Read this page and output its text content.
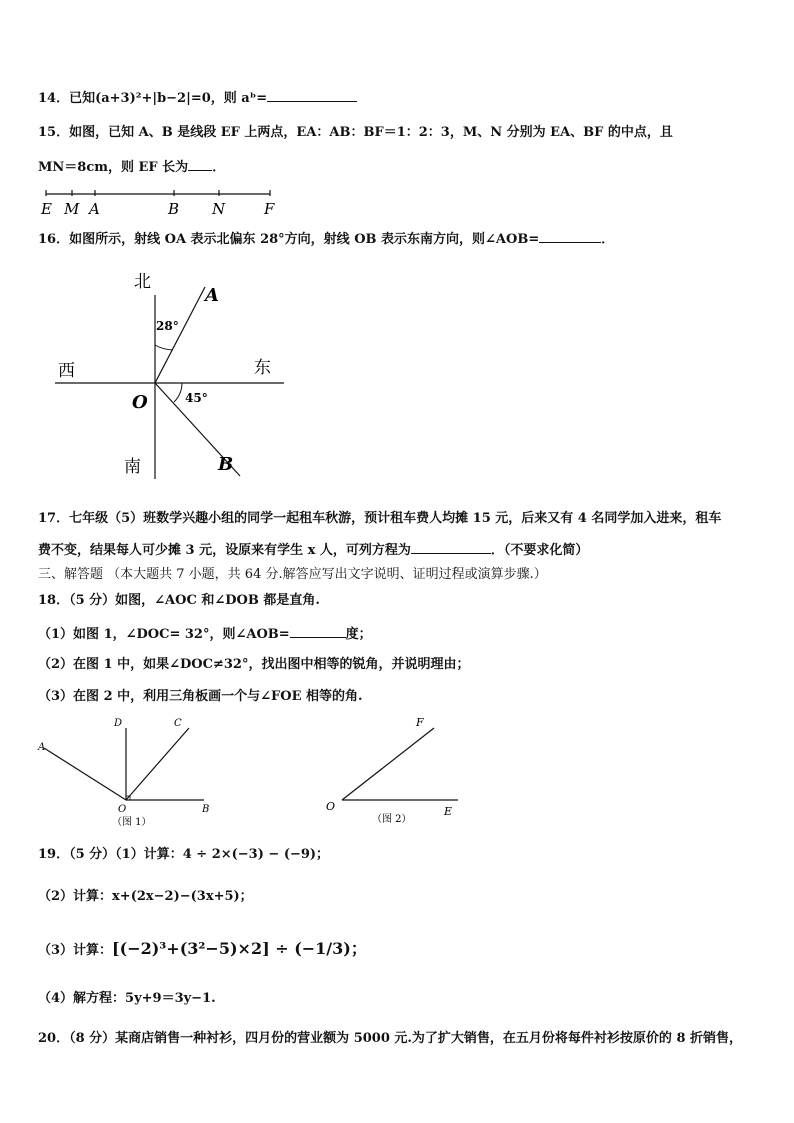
14．已知(a+3)²+|b−2|=0，则 aᵇ=
15．如图，已知 A、B 是线段 EF 上两点，EA：AB：BF＝1：2：3，M、N 分别为 EA、BF 的中点，且
MN＝8cm，则 EF 长为 ．
E M A	B N	F
16．如图所示，射线 OA 表示北偏东 28°方向，射线 OB 表示东南方向，则∠AOB=	．
北
南
西	东
O
A
B
28°
45°
17．七年级（5）班数学兴趣小组的同学一起租车秋游，预计租车费人均摊 15 元，后来又有 4 名同学加入进来，租车
费不变，结果每人可少摊 3 元，设原来有学生 x 人，可列方程为	．（不要求化简）
三、解答题 （本大题共 7 小题，共 64 分.解答应写出文字说明、证明过程或演算步骤.）
18．（5 分）如图，∠AOC 和∠DOB 都是直角.
（1）如图 1，∠DOC= 32°，则∠AOB=	度；
（2）在图 1 中，如果∠DOC≠32°，找出图中相等的锐角，并说明理由；
（3）在图 2 中，利用三角板画一个与∠FOE 相等的角.
A
D	C
O	B
（图 1）
F
O	E
（图 2）
19．（5 分）（1）计算：4 ÷ 2×(−3) − (−9)；
（2）计算：x+(2x−2)−(3x+5)；
（3）计算：[(−2)³+(3²−5)×2] ÷ (−1/3)；
（4）解方程：5y+9＝3y−1.
20．（8 分）某商店销售一种衬衫，四月份的营业额为 5000 元.为了扩大销售，在五月份将每件衬衫按原价的 8 折销售，
